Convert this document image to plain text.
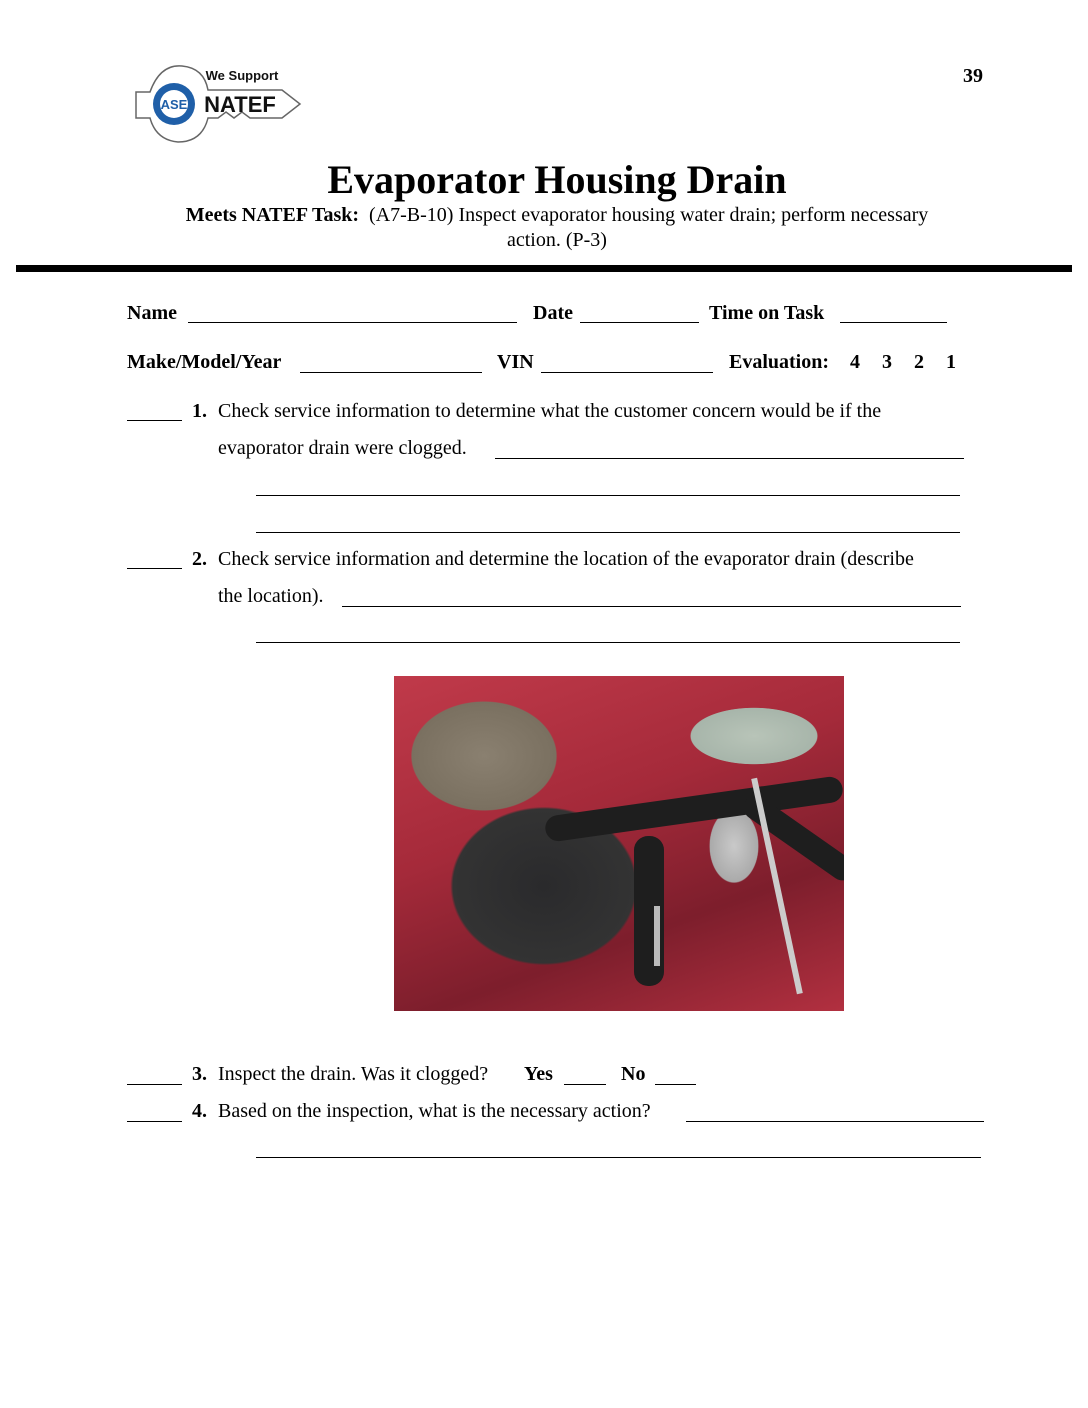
39
ASE
We Support
NATEF
Evaporator Housing Drain
Meets NATEF Task: (A7-B-10) Inspect evaporator housing water drain; perform necessary
action. (P-3)
Name	Date	Time on Task
Make/Model/Year	VIN	Evaluation: 4 3 2 1
1. Check service information to determine what the customer concern would be if the
evaporator drain were clogged.
2. Check service information and determine the location of the evaporator drain (describe
the location).
3. Inspect the drain. Was it clogged? Yes	No
4. Based on the inspection, what is the necessary action?
